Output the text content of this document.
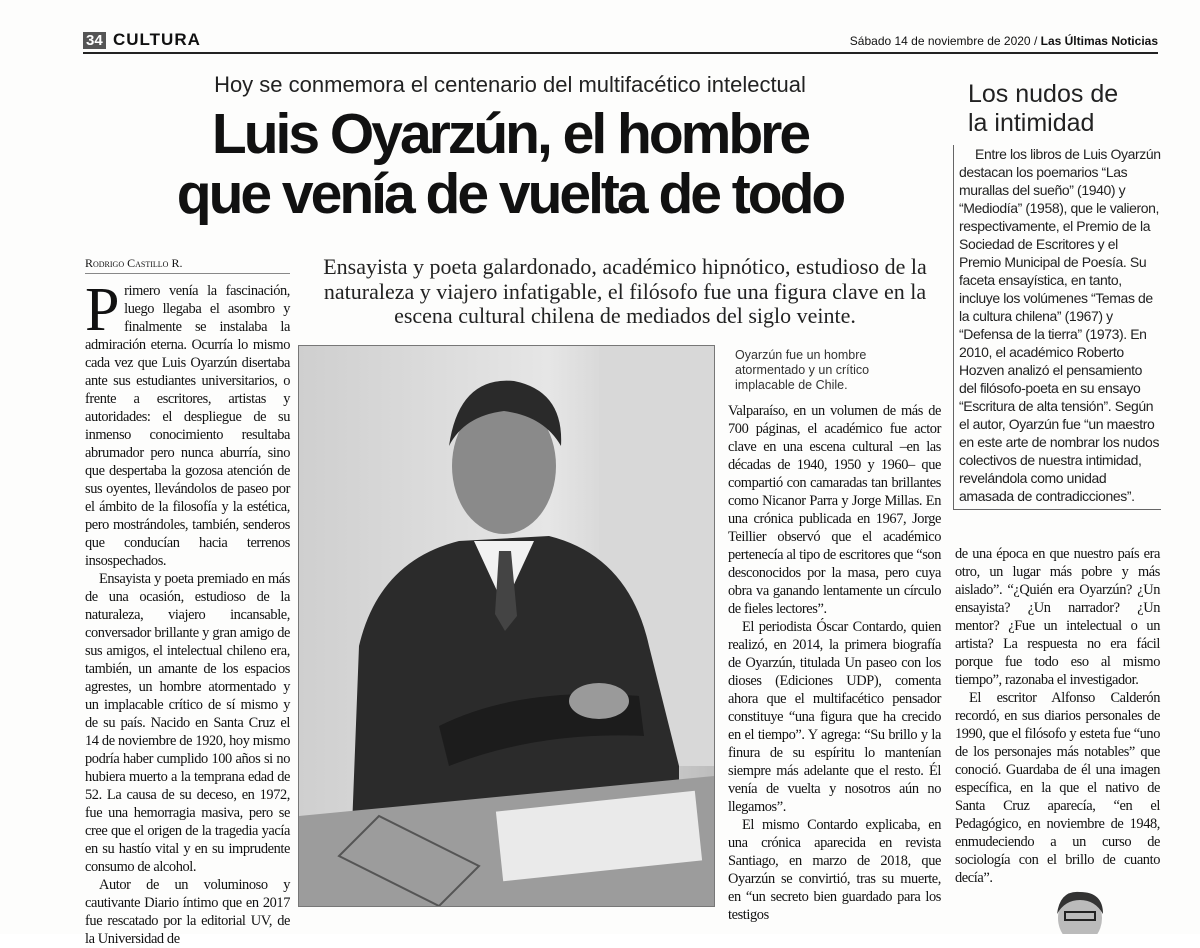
34 CULTURA	Sábado 14 de noviembre de 2020 / Las Últimas Noticias
Hoy se conmemora el centenario del multifacético intelectual
Luis Oyarzún, el hombre
que venía de vuelta de todo
Rodrigo Castillo R.	Ensayista y poeta galardonado, académico hipnótico, estudioso de la naturaleza y viajero infatigable, el filósofo fue una figura clave en la escena cultural chilena de mediados del siglo veinte.

Primero venía la fascinación, luego llegaba el asombro y finalmente se instalaba la admiración eterna. Ocurría lo mismo cada vez que Luis Oyarzún disertaba ante sus estudiantes universitarios, o frente a escritores, artistas y autoridades: el despliegue de su inmenso conocimiento resultaba abrumador pero nunca aburría, sino que despertaba la gozosa atención de sus oyentes, llevándolos de paseo por el ámbito de la filosofía y la estética, pero mostrándoles, también, senderos que conducían hacia terrenos insospechados.

Ensayista y poeta premiado en más de una ocasión, estudioso de la naturaleza, viajero incansable, conversador brillante y gran amigo de sus amigos, el intelectual chileno era, también, un amante de los espacios agrestes, un hombre atormentado y un implacable crítico de sí mismo y de su país. Nacido en Santa Cruz el 14 de noviembre de 1920, hoy mismo podría haber cumplido 100 años si no hubiera muerto a la temprana edad de 52. La causa de su deceso, en 1972, fue una hemorragia masiva, pero se cree que el origen de la tragedia yacía en su hastío vital y en su imprudente consumo de alcohol.

Autor de un voluminoso y cautivante Diario íntimo que en 2017 fue rescatado por la editorial UV, de la Universidad de

Oyarzún fue un hombre atormentado y un crítico implacable de Chile.

Valparaíso, en un volumen de más de 700 páginas, el académico fue actor clave en una escena cultural –en las décadas de 1940, 1950 y 1960– que compartió con camaradas tan brillantes como Nicanor Parra y Jorge Millas. En una crónica publicada en 1967, Jorge Teillier observó que el académico pertenecía al tipo de escritores que “son desconocidos por la masa, pero cuya obra va ganando lentamente un círculo de fieles lectores”.

El periodista Óscar Contardo, quien realizó, en 2014, la primera biografía de Oyarzún, titulada Un paseo con los dioses (Ediciones UDP), comenta ahora que el multifacético pensador constituye “una figura que ha crecido en el tiempo”. Y agrega: “Su brillo y la finura de su espíritu lo mantenían siempre más adelante que el resto. Él venía de vuelta y nosotros aún no llegamos”.

El mismo Contardo explicaba, en una crónica aparecida en revista Santiago, en marzo de 2018, que Oyarzún se convirtió, tras su muerte, en “un secreto bien guardado para los testigos

Los nudos de
la intimidad

Entre los libros de Luis Oyarzún destacan los poemarios “Las murallas del sueño” (1940) y “Mediodía” (1958), que le valieron, respectivamente, el Premio de la Sociedad de Escritores y el Premio Municipal de Poesía. Su faceta ensayística, en tanto, incluye los volúmenes “Temas de la cultura chilena” (1967) y “Defensa de la tierra” (1973). En 2010, el académico Roberto Hozven analizó el pensamiento del filósofo-poeta en su ensayo “Escritura de alta tensión”. Según el autor, Oyarzún fue “un maestro en este arte de nombrar los nudos colectivos de nuestra intimidad, revelándola como unidad amasada de contradicciones”.

de una época en que nuestro país era otro, un lugar más pobre y más aislado”. “¿Quién era Oyarzún? ¿Un ensayista? ¿Un narrador? ¿Un mentor? ¿Fue un intelectual o un artista? La respuesta no era fácil porque fue todo eso al mismo tiempo”, razonaba el investigador.

El escritor Alfonso Calderón recordó, en sus diarios personales de 1990, que el filósofo y esteta fue “uno de los personajes más notables” que conoció. Guardaba de él una imagen específica, en la que el nativo de Santa Cruz aparecía, “en el Pedagógico, en noviembre de 1948, enmudeciendo a un curso de sociología con el brillo de cuanto decía”.
